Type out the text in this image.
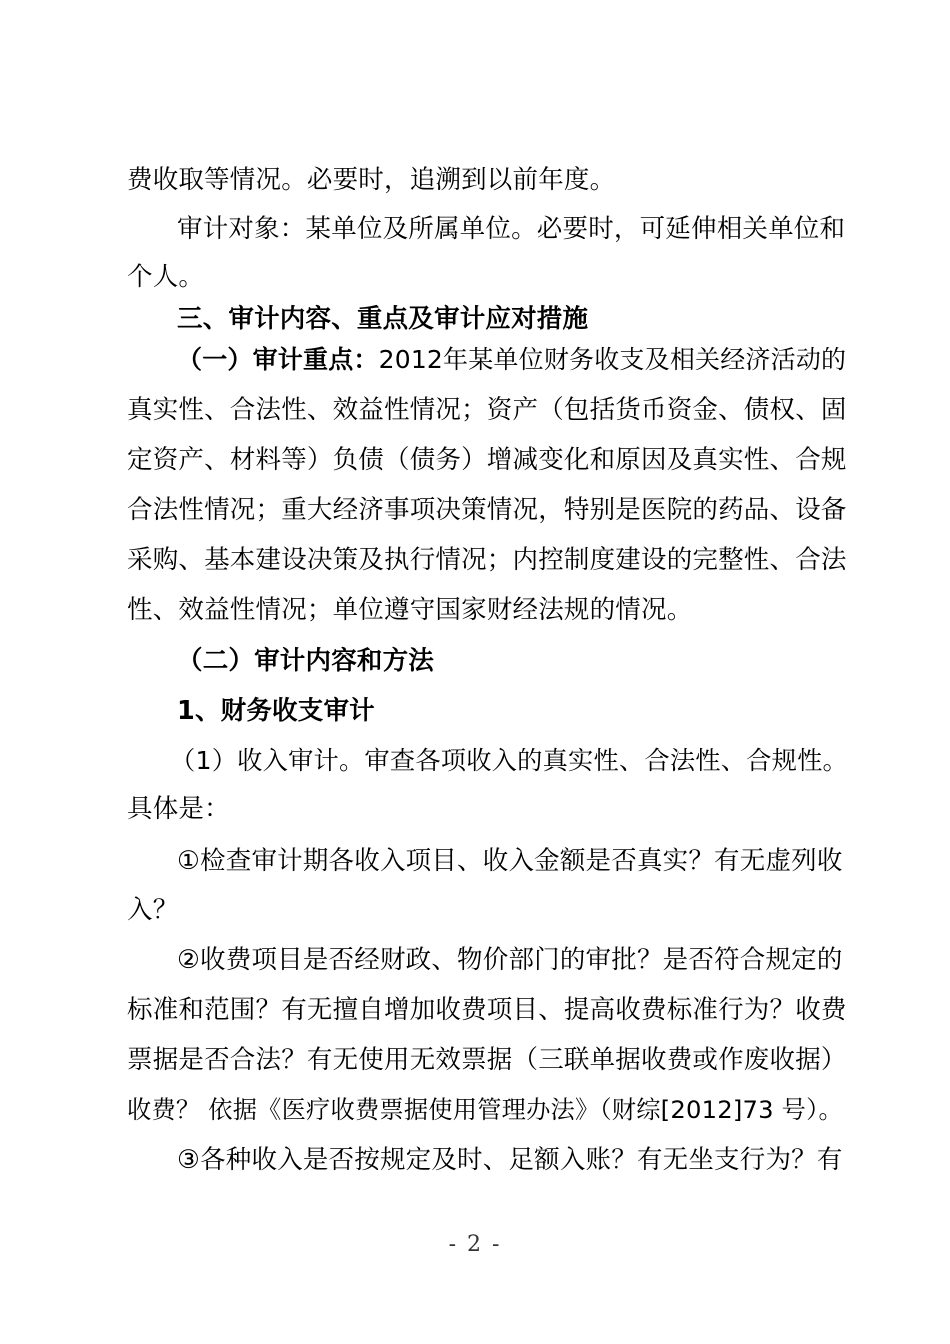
费收取等情况。必要时，追溯到以前年度。
审计对象：某单位及所属单位。必要时，可延伸相关单位和
个人。
三、审计内容、重点及审计应对措施
（一）审计重点：2012年某单位财务收支及相关经济活动的
真实性、合法性、效益性情况；资产（包括货币资金、债权、固
定资产、材料等）负债（债务）增减变化和原因及真实性、合规
合法性情况；重大经济事项决策情况，特别是医院的药品、设备
采购、基本建设决策及执行情况；内控制度建设的完整性、合法
性、效益性情况；单位遵守国家财经法规的情况。
（二）审计内容和方法
1、财务收支审计
（1）收入审计。审查各项收入的真实性、合法性、合规性。
具体是：
①检查审计期各收入项目、收入金额是否真实？有无虚列收
入？
②收费项目是否经财政、物价部门的审批？是否符合规定的
标准和范围？有无擅自增加收费项目、提高收费标准行为？收费
票据是否合法？有无使用无效票据（三联单据收费或作废收据）
收费？ 依据《医疗收费票据使用管理办法》（财综[2012]73 号）。
③各种收入是否按规定及时、足额入账？有无坐支行为？有
- 2 -
